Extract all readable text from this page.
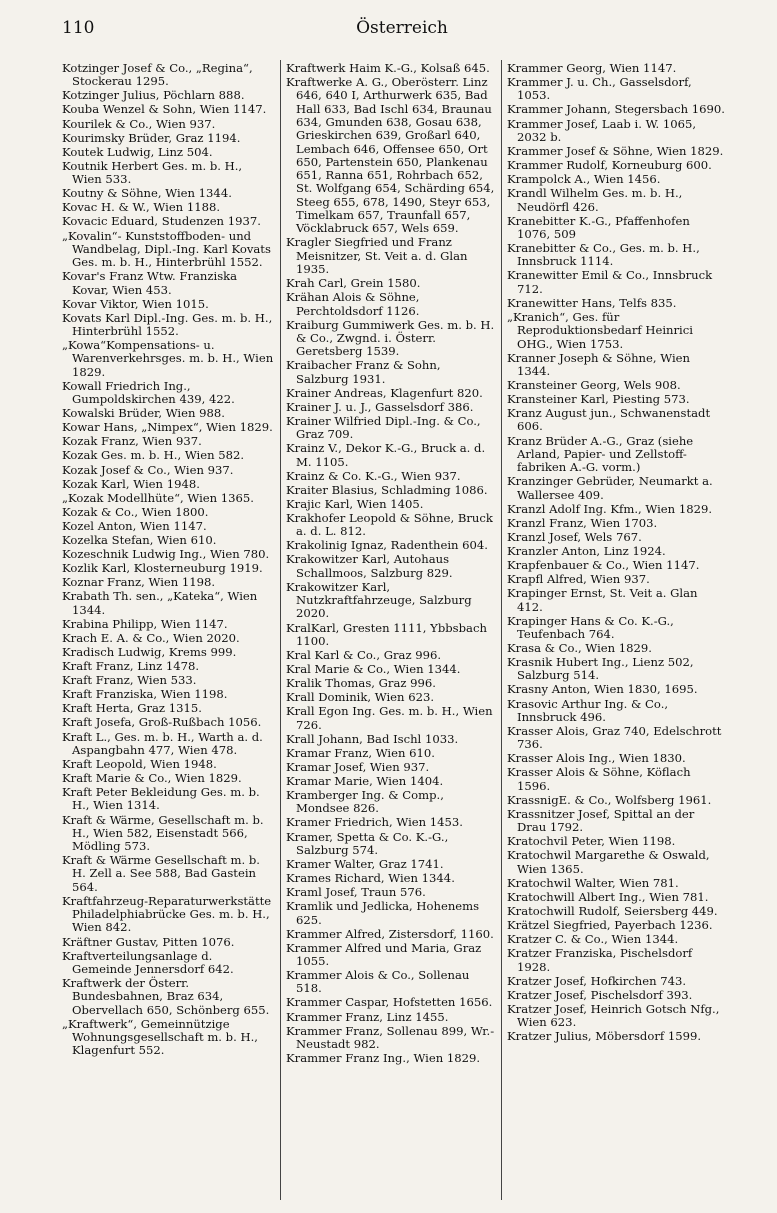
110	Österreich

Kotzinger Josef & Co., „Regina“, Stockerau 1295.

Kotzinger Julius, Pöchlarn 888.

Kouba Wenzel & Sohn, Wien 1147.

Kourilek & Co., Wien 937.

Kourimsky Brüder, Graz 1194.

Koutek Ludwig, Linz 504.

Koutnik Herbert Ges. m. b. H., Wien 533.

Koutny & Söhne, Wien 1344.

Kovac H. & W., Wien 1188.

Kovacic Eduard, Studenzen 1937.

„Kovalin“- Kunststoffboden- und Wandbelag, Dipl.-Ing. Karl Kovats Ges. m. b. H., Hinterbrühl 1552.

Kovar's Franz Wtw. Franziska Kovar, Wien 453.

Kovar Viktor, Wien 1015.

Kovats Karl Dipl.-Ing. Ges. m. b. H., Hinterbrühl 1552.

„Kowa“Kompensations- u. Warenverkehrsges. m. b. H., Wien 1829.

Kowall Friedrich Ing., Gumpoldskirchen 439, 422.

Kowalski Brüder, Wien 988.

Kowar Hans, „Nimpex“, Wien 1829.

Kozak Franz, Wien 937.

Kozak Ges. m. b. H., Wien 582.

Kozak Josef & Co., Wien 937.

Kozak Karl, Wien 1948.

„Kozak Modellhüte“, Wien 1365.

Kozak & Co., Wien 1800.

Kozel Anton, Wien 1147.

Kozelka Stefan, Wien 610.

Kozeschnik Ludwig Ing., Wien 780.

Kozlik Karl, Klosterneuburg 1919.

Koznar Franz, Wien 1198.

Krabath Th. sen., „Kateka“, Wien 1344.

Krabina Philipp, Wien 1147.

Krach E. A. & Co., Wien 2020.

Kradisch Ludwig, Krems 999.

Kraft Franz, Linz 1478.

Kraft Franz, Wien 533.

Kraft Franziska, Wien 1198.

Kraft Herta, Graz 1315.

Kraft Josefa, Groß-Rußbach 1056.

Kraft L., Ges. m. b. H., Warth a. d. Aspangbahn 477, Wien 478.

Kraft Leopold, Wien 1948.

Kraft Marie & Co., Wien 1829.

Kraft Peter Bekleidung Ges. m. b. H., Wien 1314.

Kraft & Wärme, Gesellschaft m. b. H., Wien 582, Eisenstadt 566, Mödling 573.

Kraft & Wärme Gesellschaft m. b. H. Zell a. See 588, Bad Gastein 564.

Kraftfahrzeug-Reparaturwerkstätte Philadelphiabrücke Ges. m. b. H., Wien 842.

Kräftner Gustav, Pitten 1076.

Kraftverteilungsanlage d. Gemeinde Jennersdorf 642.

Kraftwerk der Österr. Bundesbahnen, Braz 634, Obervellach 650, Schönberg 655.

„Kraftwerk“, Gemeinnützige Wohnungsgesellschaft m. b. H., Klagenfurt 552.

Kraftwerk Haim K.-G., Kolsaß 645.

Kraftwerke A. G., Oberösterr. Linz 646, 640 I, Arthurwerk 635, Bad Hall 633, Bad Ischl 634, Braunau 634, Gmunden 638, Gosau 638, Grieskirchen 639, Großarl 640, Lembach 646, Offensee 650, Ort 650, Partenstein 650, Plankenau 651, Ranna 651, Rohrbach 652, St. Wolfgang 654, Schärding 654, Steeg 655, 678, 1490, Steyr 653, Timelkam 657, Traunfall 657, Vöcklabruck 657, Wels 659.

Kragler Siegfried und Franz Meisnitzer, St. Veit a. d. Glan 1935.

Krah Carl, Grein 1580.

Krähan Alois & Söhne, Perchtoldsdorf 1126.

Kraiburg Gummiwerk Ges. m. b. H. & Co., Zwgnd. i. Österr. Geretsberg 1539.

Kraibacher Franz & Sohn, Salzburg 1931.

Krainer Andreas, Klagenfurt 820.

Krainer J. u. J., Gasselsdorf 386.

Krainer Wilfried Dipl.-Ing. & Co., Graz 709.

Krainz V., Dekor K.-G., Bruck a. d. M. 1105.

Krainz & Co. K.-G., Wien 937.

Kraiter Blasius, Schladming 1086.

Krajic Karl, Wien 1405.

Krakhofer Leopold & Söhne, Bruck a. d. L. 812.

Krakolinig Ignaz, Radenthein 604.

Krakowitzer Karl, Autohaus Schallmoos, Salzburg 829.

Krakowitzer Karl, Nutzkraftfahrzeuge, Salzburg 2020.

KralKarl, Gresten 1111, Ybbsbach 1100.

Kral Karl & Co., Graz 996.

Kral Marie & Co., Wien 1344.

Kralik Thomas, Graz 996.

Krall Dominik, Wien 623.

Krall Egon Ing. Ges. m. b. H., Wien 726.

Krall Johann, Bad Ischl 1033.

Kramar Franz, Wien 610.

Kramar Josef, Wien 937.

Kramar Marie, Wien 1404.

Kramberger Ing. & Comp., Mondsee 826.

Kramer Friedrich, Wien 1453.

Kramer, Spetta & Co. K.-G., Salzburg 574.

Kramer Walter, Graz 1741.

Krames Richard, Wien 1344.

Kraml Josef, Traun 576.

Kramlik und Jedlicka, Hohenems 625.

Krammer Alfred, Zistersdorf, 1160.

Krammer Alfred und Maria, Graz 1055.

Krammer Alois & Co., Sollenau 518.

Krammer Caspar, Hofstetten 1656.

Krammer Franz, Linz 1455.

Krammer Franz, Sollenau 899, Wr.-Neustadt 982.

Krammer Franz Ing., Wien 1829.

Krammer Georg, Wien 1147.

Krammer J. u. Ch., Gasselsdorf, 1053.

Krammer Johann, Stegersbach 1690.

Krammer Josef, Laab i. W. 1065, 2032 b.

Krammer Josef & Söhne, Wien 1829.

Krammer Rudolf, Korneuburg 600.

Krampolck A., Wien 1456.

Krandl Wilhelm Ges. m. b. H., Neudörfl 426.

Kranebitter K.-G., Pfaffenhofen 1076, 509

Kranebitter & Co., Ges. m. b. H., Innsbruck 1114.

Kranewitter Emil & Co., Innsbruck 712.

Kranewitter Hans, Telfs 835.

„Kranich“, Ges. für Reproduktionsbedarf Heinrici OHG., Wien 1753.

Kranner Joseph & Söhne, Wien 1344.

Kransteiner Georg, Wels 908.

Kransteiner Karl, Piesting 573.

Kranz August jun., Schwanenstadt 606.

Kranz Brüder A.-G., Graz (siehe Arland, Papier- und Zellstoff-fabriken A.-G. vorm.)

Kranzinger Gebrüder, Neumarkt a. Wallersee 409.

Kranzl Adolf Ing. Kfm., Wien 1829.

Kranzl Franz, Wien 1703.

Kranzl Josef, Wels 767.

Kranzler Anton, Linz 1924.

Krapfenbauer & Co., Wien 1147.

Krapfl Alfred, Wien 937.

Krapinger Ernst, St. Veit a. Glan 412.

Krapinger Hans & Co. K.-G., Teufenbach 764.

Krasa & Co., Wien 1829.

Krasnik Hubert Ing., Lienz 502, Salzburg 514.

Krasny Anton, Wien 1830, 1695.

Krasovic Arthur Ing. & Co., Innsbruck 496.

Krasser Alois, Graz 740, Edelschrott 736.

Krasser Alois Ing., Wien 1830.

Krasser Alois & Söhne, Köflach 1596.

KrassnigE. & Co., Wolfsberg 1961.

Krassnitzer Josef, Spittal an der Drau 1792.

Kratochvil Peter, Wien 1198.

Kratochwil Margarethe & Oswald, Wien 1365.

Kratochwil Walter, Wien 781.

Kratochwill Albert Ing., Wien 781.

Kratochwill Rudolf, Seiersberg 449.

Krätzel Siegfried, Payerbach 1236.

Kratzer C. & Co., Wien 1344.

Kratzer Franziska, Pischelsdorf 1928.

Kratzer Josef, Hofkirchen 743.

Kratzer Josef, Pischelsdorf 393.

Kratzer Josef, Heinrich Gotsch Nfg., Wien 623.

Kratzer Julius, Möbersdorf 1599.
